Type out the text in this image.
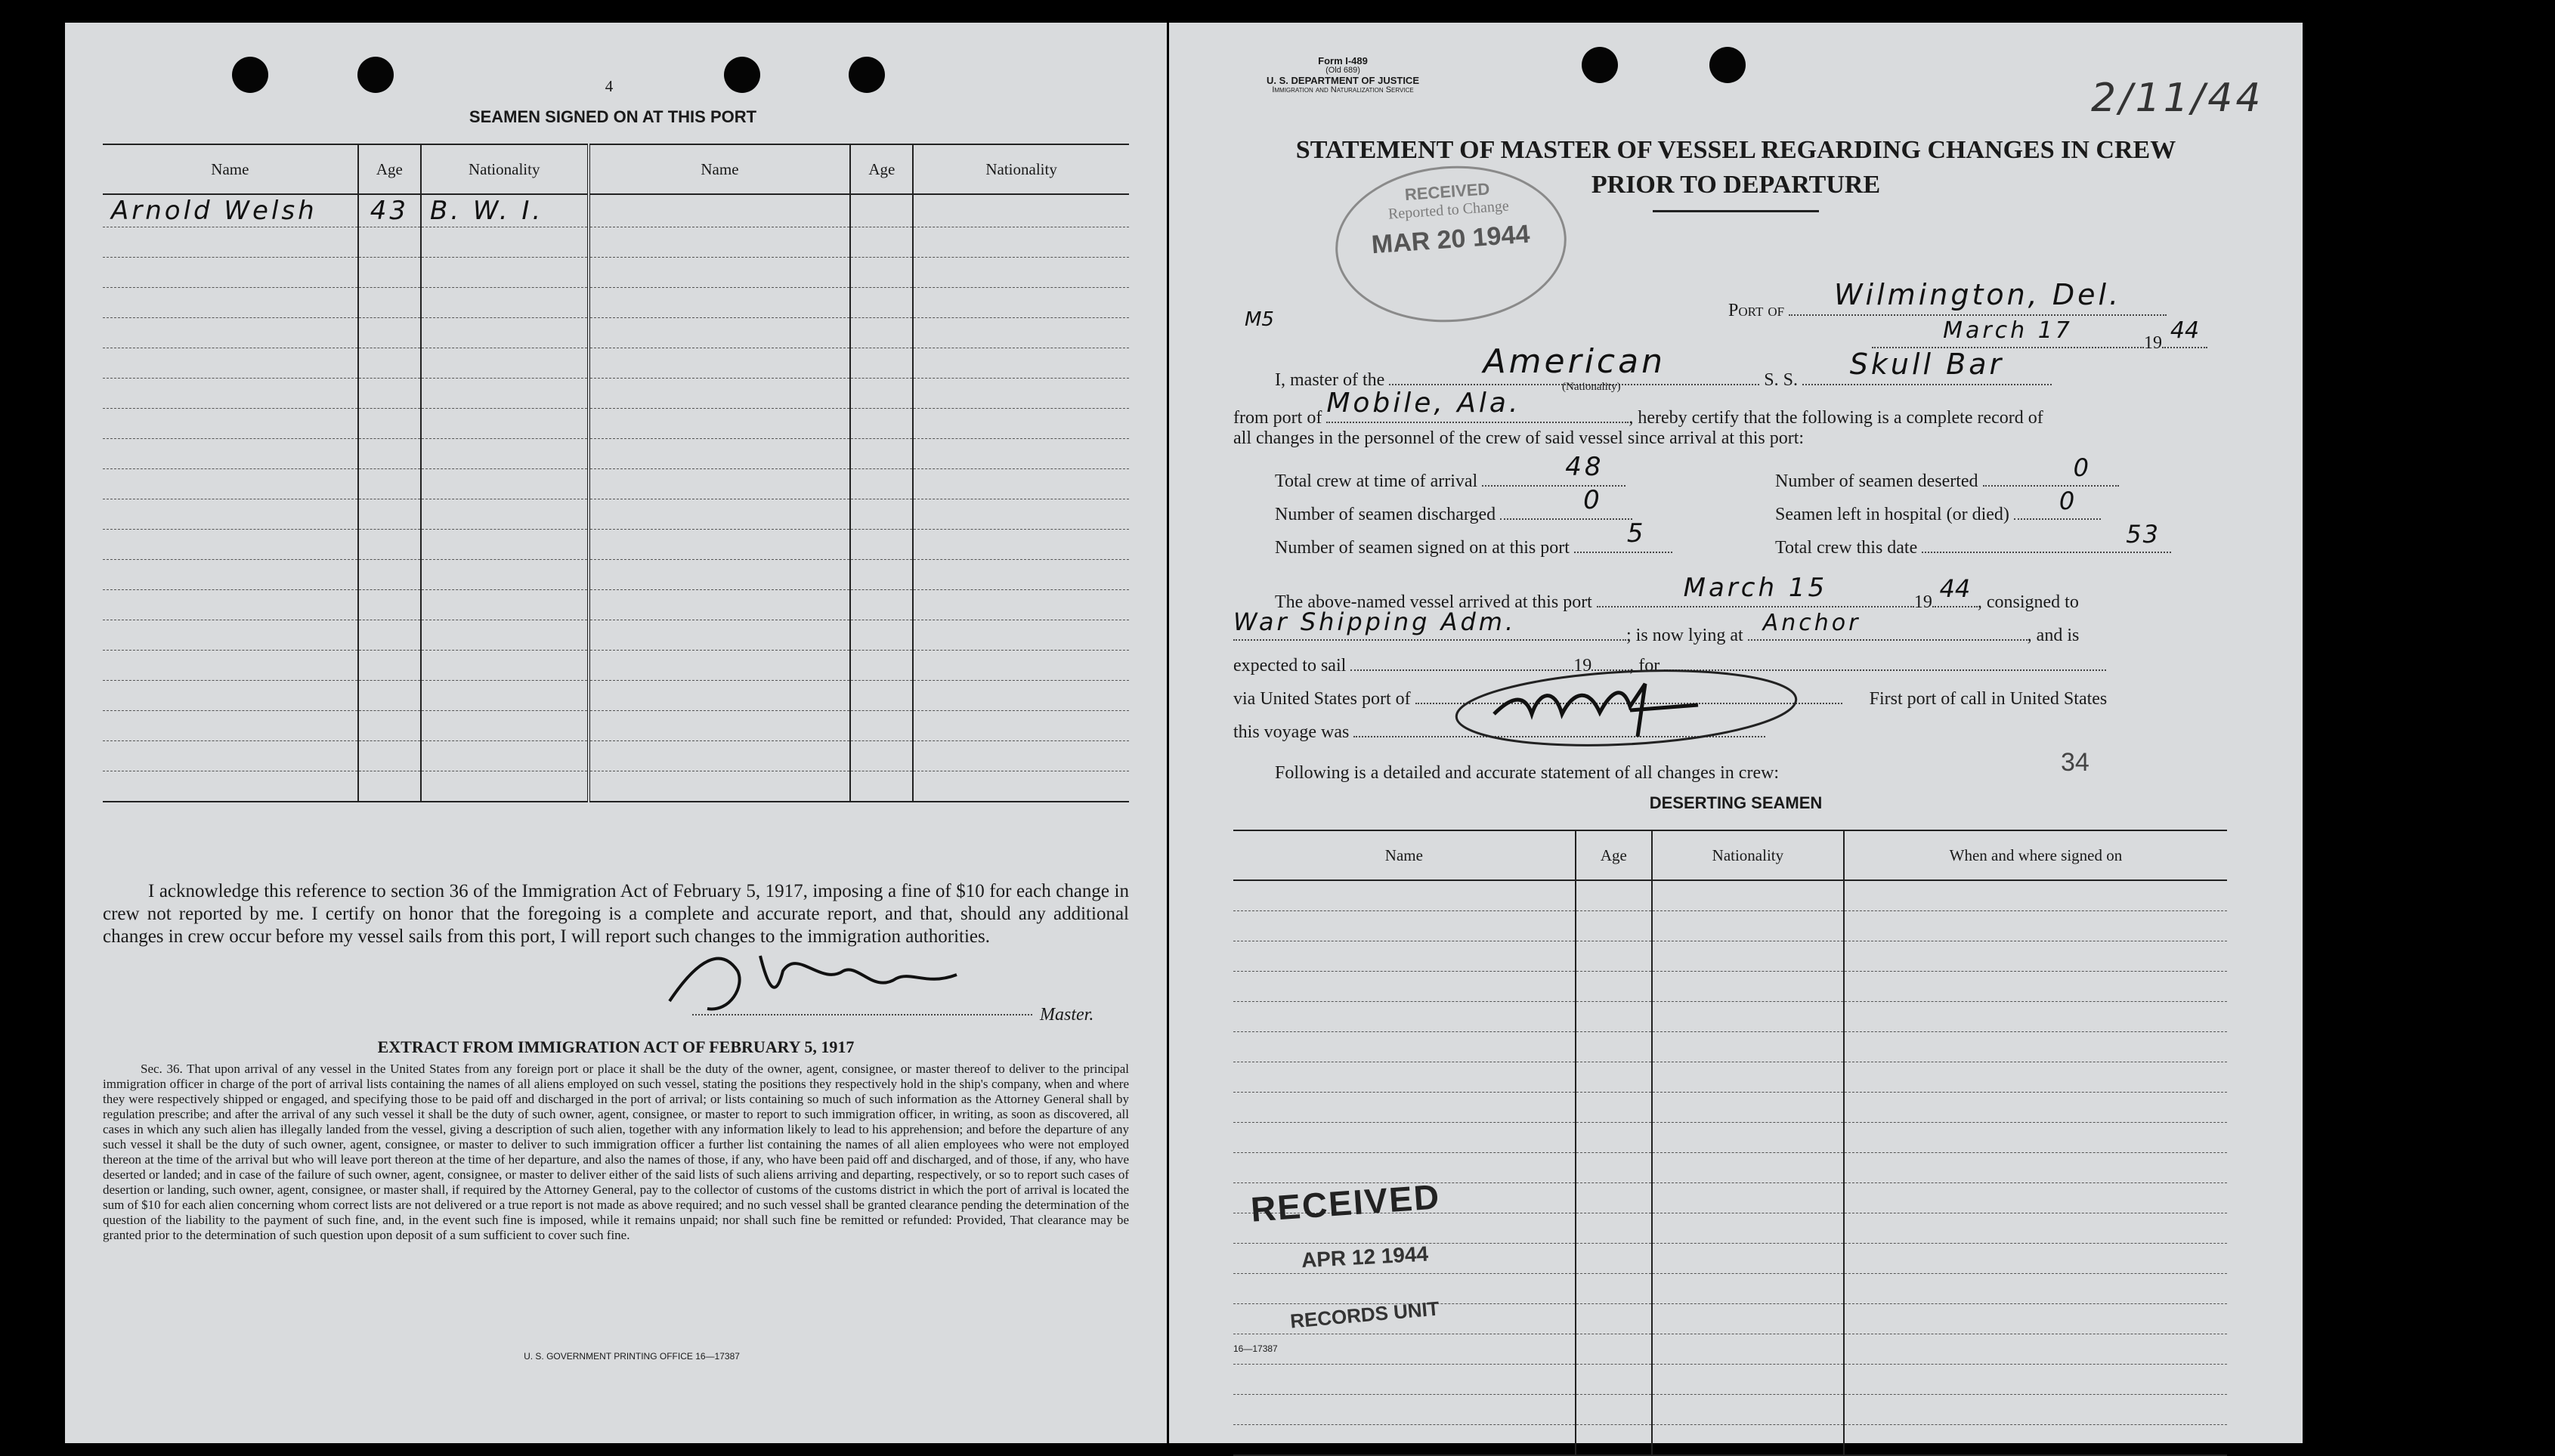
4
SEAMEN SIGNED ON AT THIS PORT
Name	Age	Nationality	Name	Age	Nationality
Arnold Welsh	43	B. W. I.			

I acknowledge this reference to section 36 of the Immigration Act of February 5, 1917, imposing a fine of $10 for each change in crew not reported by me. I certify on honor that the foregoing is a complete and accurate report, and that, should any additional changes in crew occur before my vessel sails from this port, I will report such changes to the immigration authorities.
J.B. Koster	Master.
EXTRACT FROM IMMIGRATION ACT OF FEBRUARY 5, 1917
Sec. 36. That upon arrival of any vessel in the United States from any foreign port or place it shall be the duty of the owner, agent, consignee, or master thereof to deliver to the principal immigration officer in charge of the port of arrival lists containing the names of all aliens employed on such vessel, stating the positions they respectively hold in the ship's company, when and where they were respectively shipped or engaged, and specifying those to be paid off and discharged in the port of arrival; or lists containing so much of such information as the Attorney General shall by regulation prescribe; and after the arrival of any such vessel it shall be the duty of such owner, agent, consignee, or master to report to such immigration officer, in writing, as soon as discovered, all cases in which any such alien has illegally landed from the vessel, giving a description of such alien, together with any information likely to lead to his apprehension; and before the departure of any such vessel it shall be the duty of such owner, agent, consignee, or master to deliver to such immigration officer a further list containing the names of all alien employees who were not employed thereon at the time of the arrival but who will leave port thereon at the time of her departure, and also the names of those, if any, who have been paid off and discharged, and of those, if any, who have deserted or landed; and in case of the failure of such owner, agent, consignee, or master to deliver either of the said lists of such aliens arriving and departing, respectively, or so to report such cases of desertion or landing, such owner, agent, consignee, or master shall, if required by the Attorney General, pay to the collector of customs of the customs district in which the port of arrival is located the sum of $10 for each alien concerning whom correct lists are not delivered or a true report is not made as above required; and no such vessel shall be granted clearance pending the determination of the question of the liability to the payment of such fine, and, in the event such fine is imposed, while it remains unpaid; nor shall such fine be remitted or refunded: Provided, That clearance may be granted prior to the determination of such question upon deposit of a sum sufficient to cover such fine.
U. S. GOVERNMENT PRINTING OFFICE 16—17387
Form I-489
(Old 689)
U. S. DEPARTMENT OF JUSTICE
Immigration and Naturalization Service	2/11/44
STATEMENT OF MASTER OF VESSEL REGARDING CHANGES IN CREW
PRIOR TO DEPARTURE
RECEIVED
Reported to Change
MAR 20 1944
M5	Port of	Wilmington, Del.
March 17	19 44
I, master of the	American	S. S.	Skull Bar
(Nationality)
from port of Mobile, Ala.	, hereby certify that the following is a complete record of
all changes in the personnel of the crew of said vessel since arrival at this port:
Total crew at time of arrival	48	Number of seamen deserted	0
Number of seamen discharged	0	Seamen left in hospital (or died) 0
Number of seamen signed on at this port 5	Total crew this date	53
The above-named vessel arrived at this port	March 15	19 44 , consigned to
War Shipping Adm.	; is now lying at Anchor	, and is
expected to sail	19 , for
via United States port of	First port of call in United States
this voyage was
NY
Following is a detailed and accurate statement of all changes in crew:	34
DESERTING SEAMEN
Name	Age	Nationality	When and where signed on

RECEIVED
APR 12 1944
RECORDS UNIT
16—17387
